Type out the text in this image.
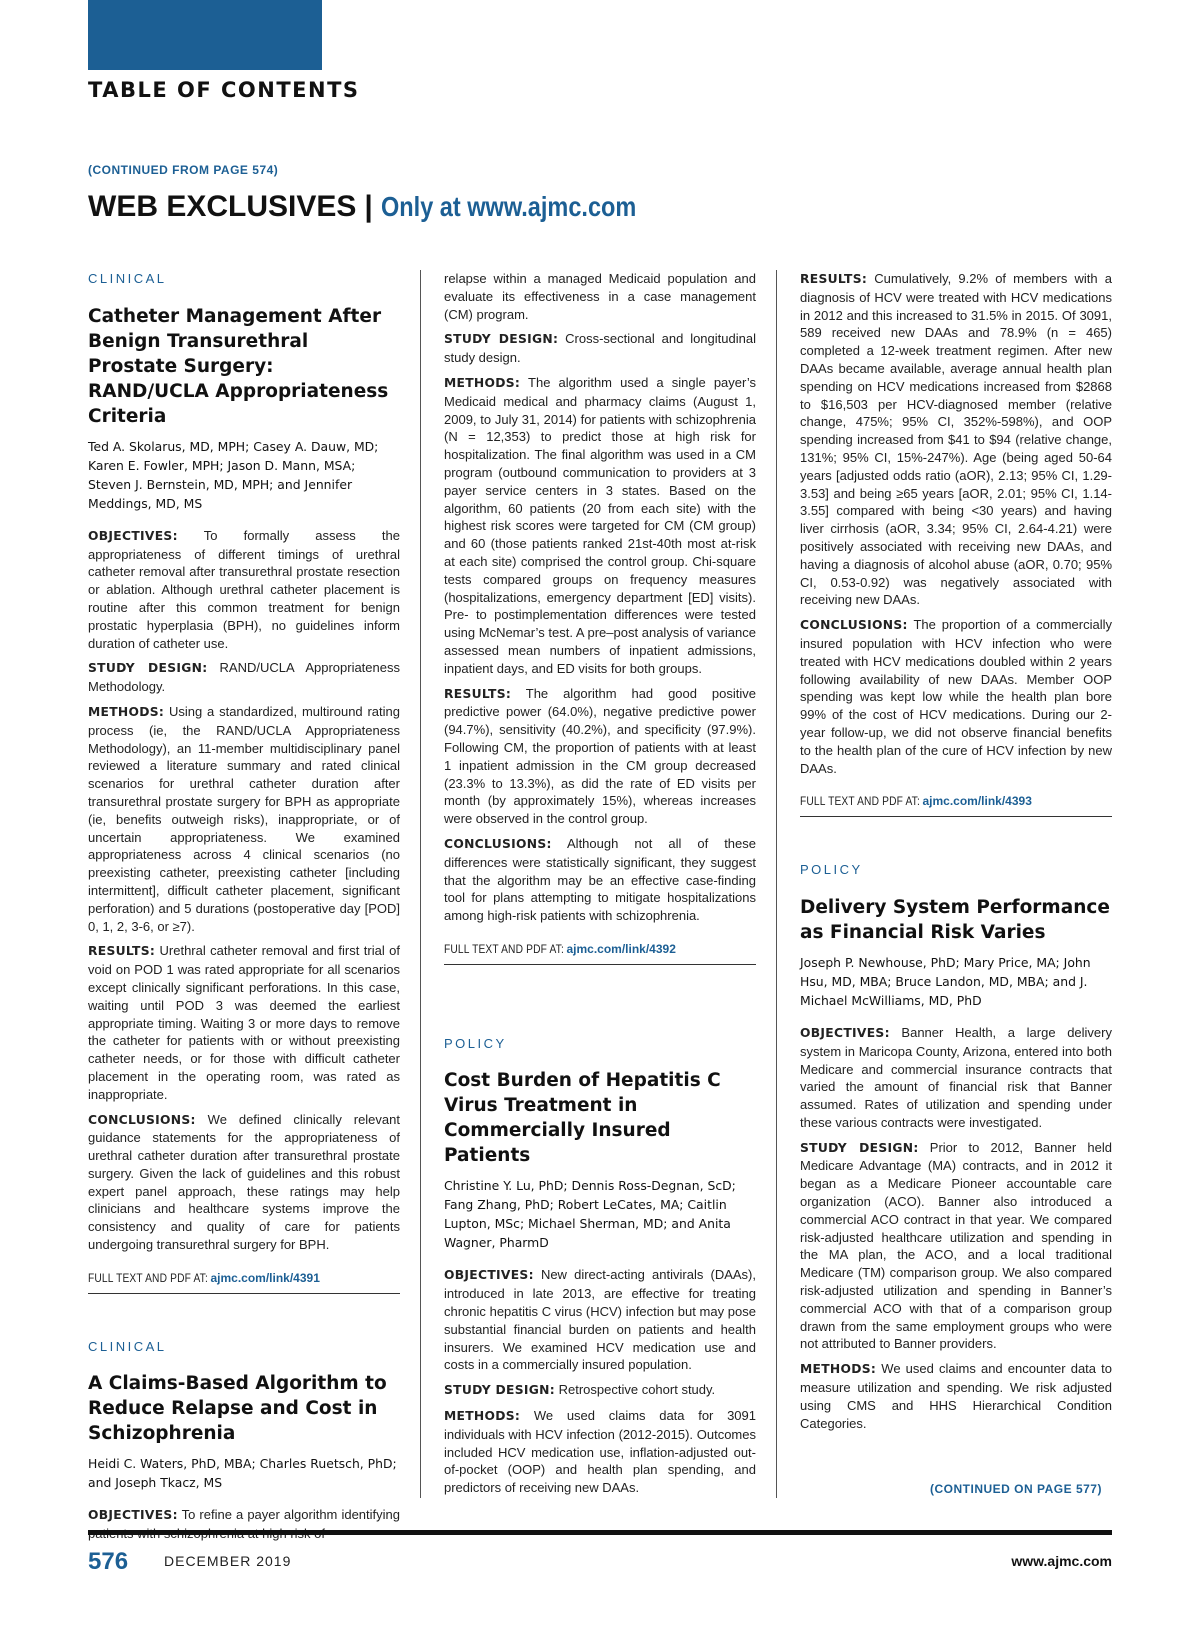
TABLE OF CONTENTS
(CONTINUED FROM PAGE 574)
WEB EXCLUSIVES | Only at www.ajmc.com
CLINICAL
Catheter Management After Benign Transurethral Prostate Surgery: RAND/UCLA Appropriateness Criteria
Ted A. Skolarus, MD, MPH; Casey A. Dauw, MD; Karen E. Fowler, MPH; Jason D. Mann, MSA; Steven J. Bernstein, MD, MPH; and Jennifer Meddings, MD, MS

OBJECTIVES: To formally assess the appropriateness of different timings of urethral catheter removal after transurethral prostate resection or ablation. Although urethral catheter placement is routine after this common treatment for benign prostatic hyperplasia (BPH), no guidelines inform duration of catheter use.

STUDY DESIGN: RAND/UCLA Appropriateness Methodology.

METHODS: Using a standardized, multiround rating process (ie, the RAND/UCLA Appropriateness Methodology), an 11-member multidisciplinary panel reviewed a literature summary and rated clinical scenarios for urethral catheter duration after transurethral prostate surgery for BPH as appropriate (ie, benefits outweigh risks), inappropriate, or of uncertain appropriateness. We examined appropriateness across 4 clinical scenarios (no preexisting catheter, preexisting catheter [including intermittent], difficult catheter placement, significant perforation) and 5 durations (postoperative day [POD] 0, 1, 2, 3-6, or ≥7).

RESULTS: Urethral catheter removal and first trial of void on POD 1 was rated appropriate for all scenarios except clinically significant perforations. In this case, waiting until POD 3 was deemed the earliest appropriate timing. Waiting 3 or more days to remove the catheter for patients with or without preexisting catheter needs, or for those with difficult catheter placement in the operating room, was rated as inappropriate.

CONCLUSIONS: We defined clinically relevant guidance statements for the appropriateness of urethral catheter duration after transurethral prostate surgery. Given the lack of guidelines and this robust expert panel approach, these ratings may help clinicians and healthcare systems improve the consistency and quality of care for patients undergoing transurethral surgery for BPH.

FULL TEXT AND PDF AT: ajmc.com/link/4391
CLINICAL
A Claims-Based Algorithm to Reduce Relapse and Cost in Schizophrenia
Heidi C. Waters, PhD, MBA; Charles Ruetsch, PhD; and Joseph Tkacz, MS

OBJECTIVES: To refine a payer algorithm identifying

relapse within a managed Medicaid population and evaluate its effectiveness in a case management (CM) program.

STUDY DESIGN: Cross-sectional and longitudinal study design.

METHODS: The algorithm used a single payer’s Medicaid medical and pharmacy claims (August 1, 2009, to July 31, 2014) for patients with schizophrenia (N = 12,353) to predict those at high risk for hospitalization. The final algorithm was used in a CM program (outbound communication to providers at 3 payer service centers in 3 states. Based on the algorithm, 60 patients (20 from each site) with the highest risk scores were targeted for CM (CM group) and 60 (those patients ranked 21st-40th most at-risk at each site) comprised the control group. Chi-square tests compared groups on frequency measures (hospitalizations, emergency department [ED] visits). Pre- to postimplementation differences were tested using McNemar’s test. A pre–post analysis of variance assessed mean numbers of inpatient admissions, inpatient days, and ED visits for both groups.

RESULTS: The algorithm had good positive predictive power (64.0%), negative predictive power (94.7%), sensitivity (40.2%), and specificity (97.9%). Following CM, the proportion of patients with at least 1 inpatient admission in the CM group decreased (23.3% to 13.3%), as did the rate of ED visits per month (by approximately 15%), whereas increases were observed in the control group.

CONCLUSIONS: Although not all of these differences were statistically significant, they suggest that the algorithm may be an effective case-finding tool for plans attempting to mitigate hospitalizations among high-risk patients with schizophrenia.

FULL TEXT AND PDF AT: ajmc.com/link/4392
POLICY
Cost Burden of Hepatitis C Virus Treatment in Commercially Insured Patients
Christine Y. Lu, PhD; Dennis Ross-Degnan, ScD; Fang Zhang, PhD; Robert LeCates, MA; Caitlin Lupton, MSc; Michael Sherman, MD; and Anita Wagner, PharmD

OBJECTIVES: New direct-acting antivirals (DAAs), introduced in late 2013, are effective for treating chronic hepatitis C virus (HCV) infection but may pose substantial financial burden on patients and health insurers. We examined HCV medication use and costs in a commercially insured population.

STUDY DESIGN: Retrospective cohort study.

METHODS: We used claims data for 3091 individuals with HCV infection (2012-2015). Outcomes included HCV medication use, inflation-adjusted out-of-pocket (OOP) and health plan spending, and predictors of receiving new DAAs.

RESULTS: Cumulatively, 9.2% of members with a diagnosis of HCV were treated with HCV medications in 2012 and this increased to 31.5% in 2015. Of 3091, 589 received new DAAs and 78.9% (n = 465) completed a 12-week treatment regimen. After new DAAs became available, average annual health plan spending on HCV medications increased from $2868 to $16,503 per HCV-diagnosed member (relative change, 475%; 95% CI, 352%-598%), and OOP spending increased from $41 to $94 (relative change, 131%; 95% CI, 15%-247%). Age (being aged 50-64 years [adjusted odds ratio (aOR), 2.13; 95% CI, 1.29-3.53] and being ≥65 years [aOR, 2.01; 95% CI, 1.14-3.55] compared with being <30 years) and having liver cirrhosis (aOR, 3.34; 95% CI, 2.64-4.21) were positively associated with receiving new DAAs, and having a diagnosis of alcohol abuse (aOR, 0.70; 95% CI, 0.53-0.92) was negatively associated with receiving new DAAs.

CONCLUSIONS: The proportion of a commercially insured population with HCV infection who were treated with HCV medications doubled within 2 years following availability of new DAAs. Member OOP spending was kept low while the health plan bore 99% of the cost of HCV medications. During our 2-year follow-up, we did not observe financial benefits to the health plan of the cure of HCV infection by new DAAs.

FULL TEXT AND PDF AT: ajmc.com/link/4393
POLICY
Delivery System Performance as Financial Risk Varies
Joseph P. Newhouse, PhD; Mary Price, MA; John Hsu, MD, MBA; Bruce Landon, MD, MBA; and J. Michael McWilliams, MD, PhD

OBJECTIVES: Banner Health, a large delivery system in Maricopa County, Arizona, entered into both Medicare and commercial insurance contracts that varied the amount of financial risk that Banner assumed. Rates of utilization and spending under these various contracts were investigated.

STUDY DESIGN: Prior to 2012, Banner held Medicare Advantage (MA) contracts, and in 2012 it began as a Medicare Pioneer accountable care organization (ACO). Banner also introduced a commercial ACO contract in that year. We compared risk-adjusted healthcare utilization and spending in the MA plan, the ACO, and a local traditional Medicare (TM) comparison group. We also compared risk-adjusted utilization and spending in Banner’s commercial ACO with that of a comparison group drawn from the same employment groups who were not attributed to Banner providers.

METHODS: We used claims and encounter data to measure utilization and spending. We risk adjusted using CMS and HHS Hierarchical Condition Categories.

(CONTINUED ON PAGE 577)
576	DECEMBER 2019	www.ajmc.com
